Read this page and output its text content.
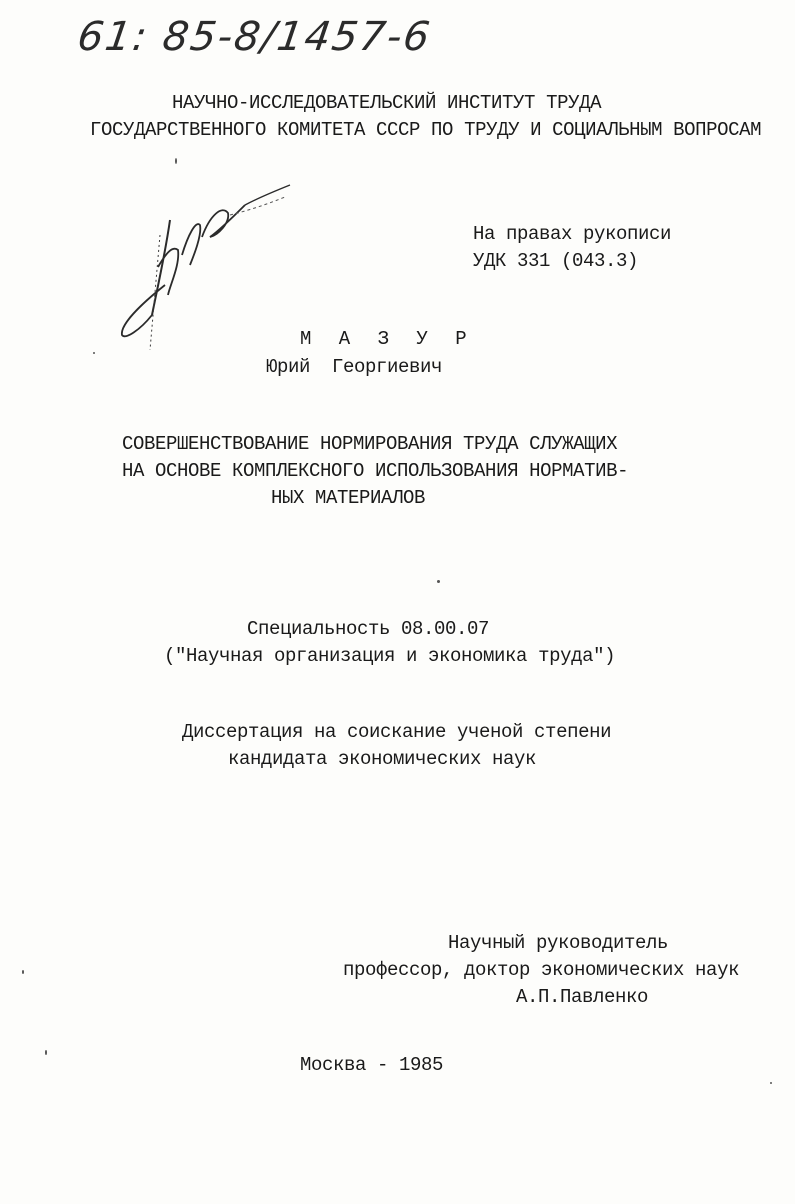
61: 85-8/1457-6
НАУЧНО-ИССЛЕДОВАТЕЛЬСКИЙ ИНСТИТУТ ТРУДА
ГОСУДАРСТВЕННОГО КОМИТЕТА СССР ПО ТРУДУ И СОЦИАЛЬНЫМ ВОПРОСАМ
На правах рукописи
УДК 331 (043.3)
М А З У Р
Юрий  Георгиевич
СОВЕРШЕНСТВОВАНИЕ НОРМИРОВАНИЯ ТРУДА СЛУЖАЩИХ
НА ОСНОВЕ КОМПЛЕКСНОГО ИСПОЛЬЗОВАНИЯ НОРМАТИВ-
НЫХ МАТЕРИАЛОВ
Специальность 08.00.07
("Научная организация и экономика труда")
Диссертация на соискание ученой степени
кандидата экономических наук
Научный руководитель
профессор, доктор экономических наук
А.П.Павленко
Москва - 1985
